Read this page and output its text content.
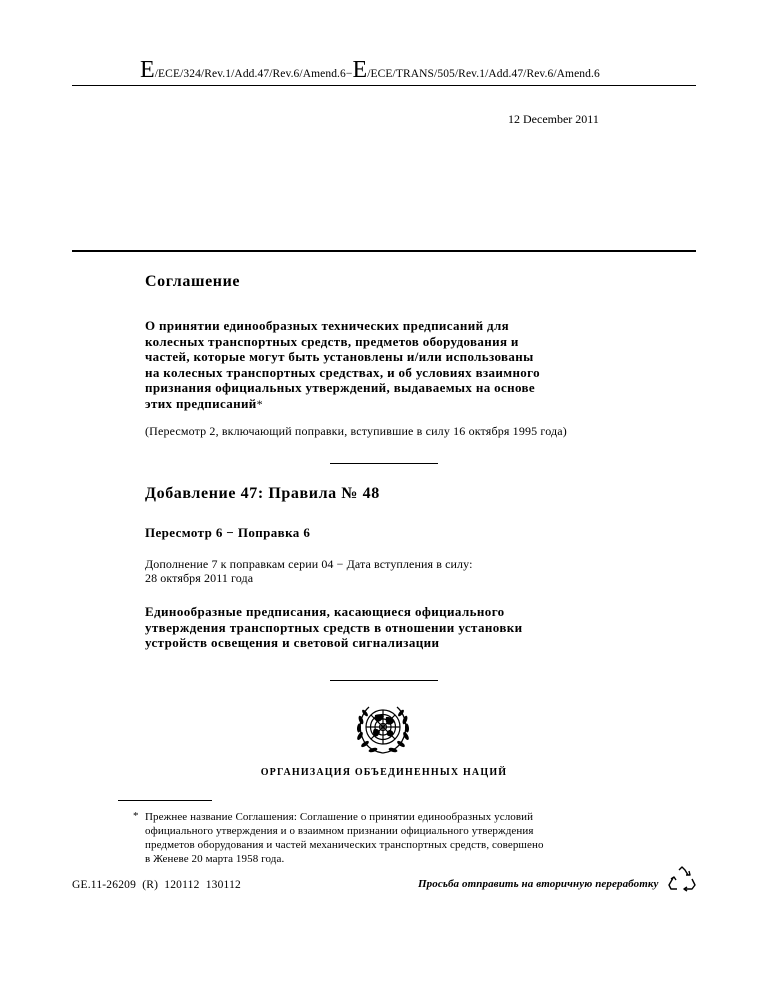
E/ECE/324/Rev.1/Add.47/Rev.6/Amend.6−E/ECE/TRANS/505/Rev.1/Add.47/Rev.6/Amend.6
12 December 2011
Соглашение
О принятии единообразных технических предписаний для
колесных транспортных средств, предметов оборудования и
частей, которые могут быть установлены и/или использованы
на колесных транспортных средствах, и об условиях взаимного
признания официальных утверждений, выдаваемых на основе
этих предписаний*
(Пересмотр 2, включающий поправки, вступившие в силу 16 октября 1995 года)
Добавление 47: Правила № 48
Пересмотр 6 − Поправка 6
Дополнение 7 к поправкам серии 04 − Дата вступления в силу:
28 октября 2011 года
Единообразные предписания, касающиеся официального
утверждения транспортных средств в отношении установки
устройств освещения и световой сигнализации
ОРГАНИЗАЦИЯ ОБЪЕДИНЕННЫХ НАЦИЙ
* Прежнее название Соглашения: Соглашение о принятии единообразных условий
официального утверждения и о взаимном признании официального утверждения
предметов оборудования и частей механических транспортных средств, совершено
в Женеве 20 марта 1958 года.
GE.11-26209  (R)  120112  130112	Просьба отправить на вторичную переработку
